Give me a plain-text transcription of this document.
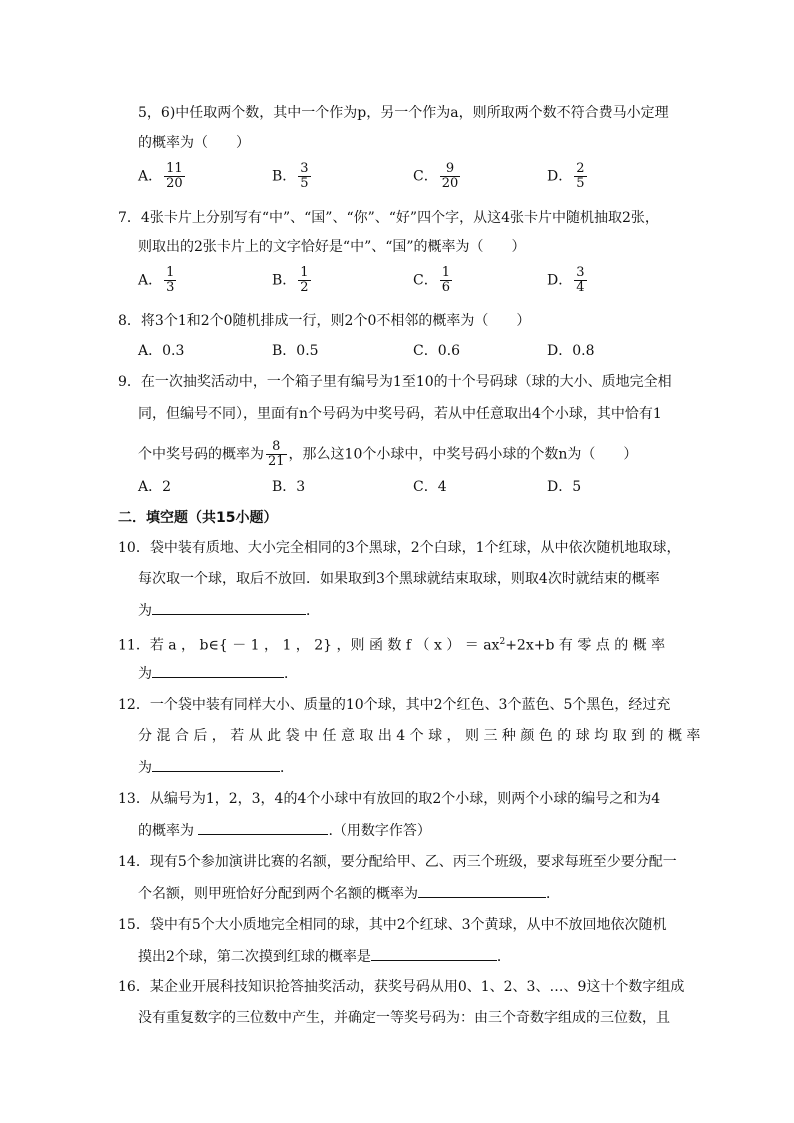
5，6)中任取两个数，其中一个作为p，另一个作为a，则所取两个数不符合费马小定理
的概率为（　　）
A． $\frac{11}{20}$	B． $\frac{3}{5}$	C． $\frac{9}{20}$	D． $\frac{2}{5}$
7．4张卡片上分别写有“中”、“国”、“你”、“好”四个字，从这4张卡片中随机抽取2张，
则取出的2张卡片上的文字恰好是“中”、“国”的概率为（　　）
A． $\frac{1}{3}$	B． $\frac{1}{2}$	C． $\frac{1}{6}$	D． $\frac{3}{4}$
8．将3个1和2个0随机排成一行，则2个0不相邻的概率为（　　）
A．0.3	B．0.5	C．0.6	D．0.8
9．在一次抽奖活动中，一个箱子里有编号为1至10的十个号码球（球的大小、质地完全相
同，但编号不同），里面有n个号码为中奖号码，若从中任意取出4个小球，其中恰有1
个中奖号码的概率为 $\frac{8}{21}$ ，那么这10个小球中，中奖号码小球的个数n为（　　）
A．2	B．3	C．4	D．5
二．填空题（共15小题）
10．袋中装有质地、大小完全相同的3个黑球，2个白球，1个红球，从中依次随机地取球，
每次取一个球，取后不放回．如果取到3个黑球就结束取球，则取4次时就结束的概率
为	．
11．若 a ， b∈{ － 1 ， 1 ， 2} ，则 函 数 f （ x ） ＝ $ax^2+2x+b$ 有 零 点 的 概 率
为	．
12．一个袋中装有同样大小、质量的10个球，其中2个红色、3个蓝色、5个黑色，经过充
分 混 合 后 ， 若 从 此 袋 中 任 意 取 出 4 个 球 ， 则 三 种 颜 色 的 球 均 取 到 的 概 率
为	．
13．从编号为1，2，3，4的4个小球中有放回的取2个小球，则两个小球的编号之和为4
的概率为	.（用数字作答）
14．现有5个参加演讲比赛的名额，要分配给甲、乙、丙三个班级，要求每班至少要分配一
个名额，则甲班恰好分配到两个名额的概率为	．
15．袋中有5个大小质地完全相同的球，其中2个红球、3个黄球，从中不放回地依次随机
摸出2个球，第二次摸到红球的概率是	．
16．某企业开展科技知识抢答抽奖活动，获奖号码从用0、1、2、3、…、9这十个数字组成
没有重复数字的三位数中产生，并确定一等奖号码为：由三个奇数字组成的三位数，且
